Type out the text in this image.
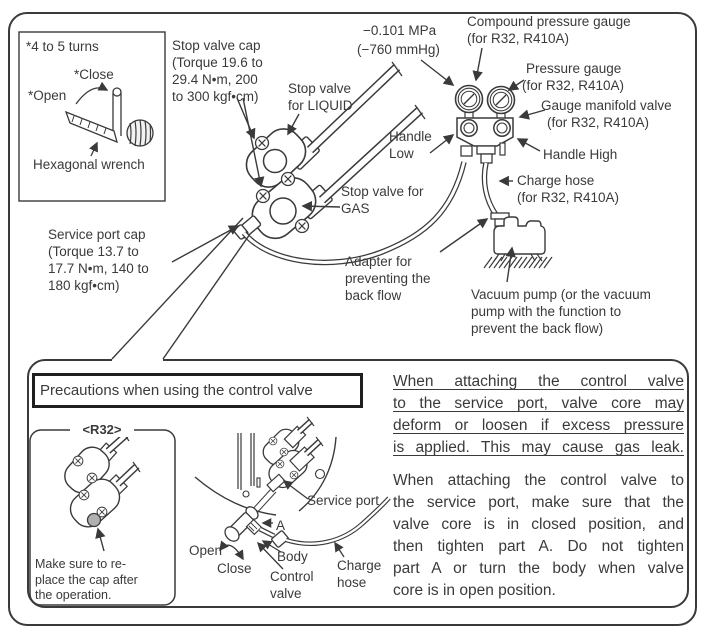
*4 to 5 turns
*Close
*Open
Hexagonal wrench
Stop valve cap
(Torque 19.6 to
29.4 N•m, 200
to 300 kgf•cm)
Stop valve
for LIQUID
Stop valve for
GAS
Service port cap
(Torque 13.7 to
17.7 N•m, 140 to
180 kgf•cm)
−0.101 MPa
(−760 mmHg)
Compound pressure gauge
(for R32, R410A)
Pressure gauge
(for R32, R410A)
Gauge manifold valve
(for R32, R410A)
Handle
Low	Handle High
Charge hose
(for R32, R410A)
Adapter for
preventing the
back flow	Vacuum pump (or the vacuum
pump with the function to
prevent the back flow)
Precautions when using the control valve
<R32>
Make sure to re-
place the cap after
the operation.
Service port
A
Open
Close
Body
Control
valve
Charge
hose
When attaching the control valve
to the service port, valve core may
deform or loosen if excess pressure
is applied. This may cause gas leak.
When attaching the control valve to
the service port, make sure that the
valve core is in closed position, and
then tighten part A. Do not tighten
part A or turn the body when valve
core is in open position.
